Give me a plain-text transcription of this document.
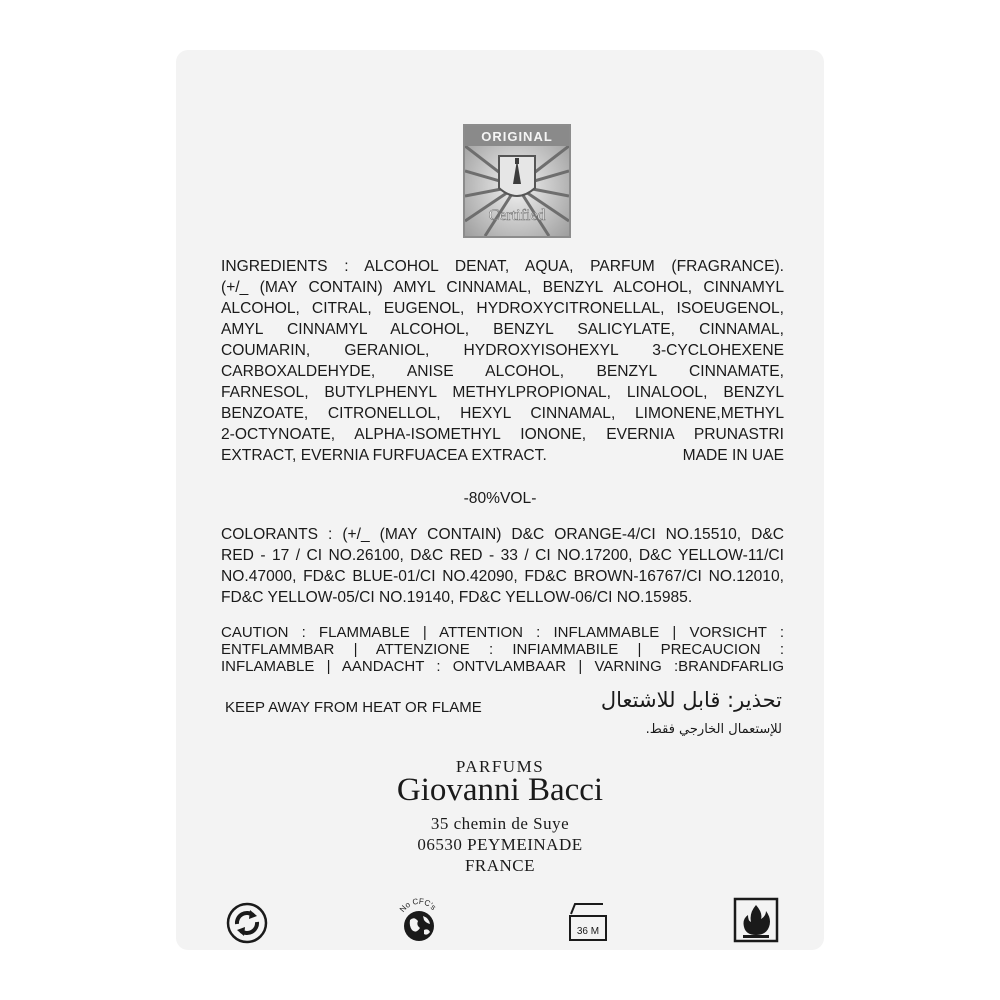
ORIGINAL
Certified
INGREDIENTS : ALCOHOL DENAT, AQUA, PARFUM (FRAGRANCE).
(+/_ (MAY CONTAIN) AMYL CINNAMAL, BENZYL ALCOHOL, CINNAMYL
ALCOHOL, CITRAL, EUGENOL, HYDROXYCITRONELLAL, ISOEUGENOL,
AMYL CINNAMYL ALCOHOL, BENZYL SALICYLATE, CINNAMAL,
COUMARIN, GERANIOL, HYDROXYISOHEXYL 3-CYCLOHEXENE
CARBOXALDEHYDE, ANISE ALCOHOL, BENZYL CINNAMATE,
FARNESOL, BUTYLPHENYL METHYLPROPIONAL, LINALOOL, BENZYL
BENZOATE, CITRONELLOL, HEXYL CINNAMAL, LIMONENE,METHYL
2-OCTYNOATE, ALPHA-ISOMETHYL IONONE, EVERNIA PRUNASTRI
EXTRACT, EVERNIA FURFUACEA EXTRACT.	MADE IN UAE
-80%VOL-
COLORANTS : (+/_ (MAY CONTAIN) D&C ORANGE-4/CI NO.15510, D&C
RED - 17 / CI NO.26100, D&C RED - 33 / CI NO.17200, D&C YELLOW-11/CI
NO.47000, FD&C BLUE-01/CI NO.42090, FD&C BROWN-16767/CI NO.12010,
FD&C YELLOW-05/CI NO.19140, FD&C YELLOW-06/CI NO.15985.
CAUTION : FLAMMABLE | ATTENTION : INFLAMMABLE | VORSICHT :
ENTFLAMMBAR | ATTENZIONE : INFIAMMABILE | PRECAUCION :
INFLAMABLE | AANDACHT : ONTVLAMBAAR | VARNING :BRANDFARLIG
KEEP AWAY FROM HEAT OR FLAME	تحذير: قابل للاشتعال
للإستعمال الخارجي فقط.
PARFUMS
Giovanni Bacci
35 chemin de Suye
06530 PEYMEINADE
FRANCE
No CFC's
36 M
